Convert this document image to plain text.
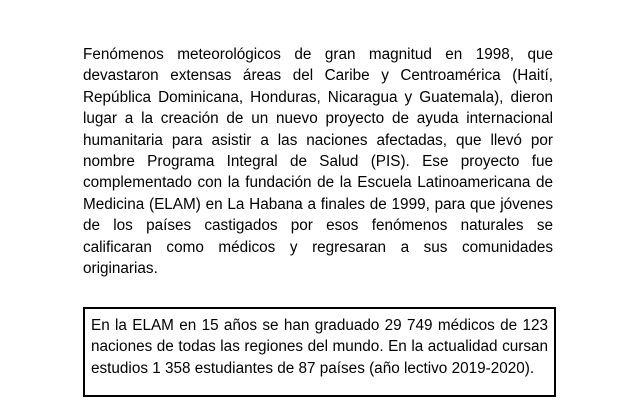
Fenómenos meteorológicos de gran magnitud en 1998, que devastaron extensas áreas del Caribe y Centroamérica (Haití, República Dominicana, Honduras, Nicaragua y Guatemala), dieron lugar a la creación de un nuevo proyecto de ayuda internacional humanitaria para asistir a las naciones afectadas, que llevó por nombre Programa Integral de Salud (PIS). Ese proyecto fue complementado con la fundación de la Escuela Latinoamericana de Medicina (ELAM) en La Habana a finales de 1999, para que jóvenes de los países castigados por esos fenómenos naturales se calificaran como médicos y regresaran a sus comunidades originarias.

En la ELAM en 15 años se han graduado 29 749 médicos de 123 naciones de todas las regiones del mundo. En la actualidad cursan estudios 1 358 estudiantes de 87 países (año lectivo 2019-2020).
